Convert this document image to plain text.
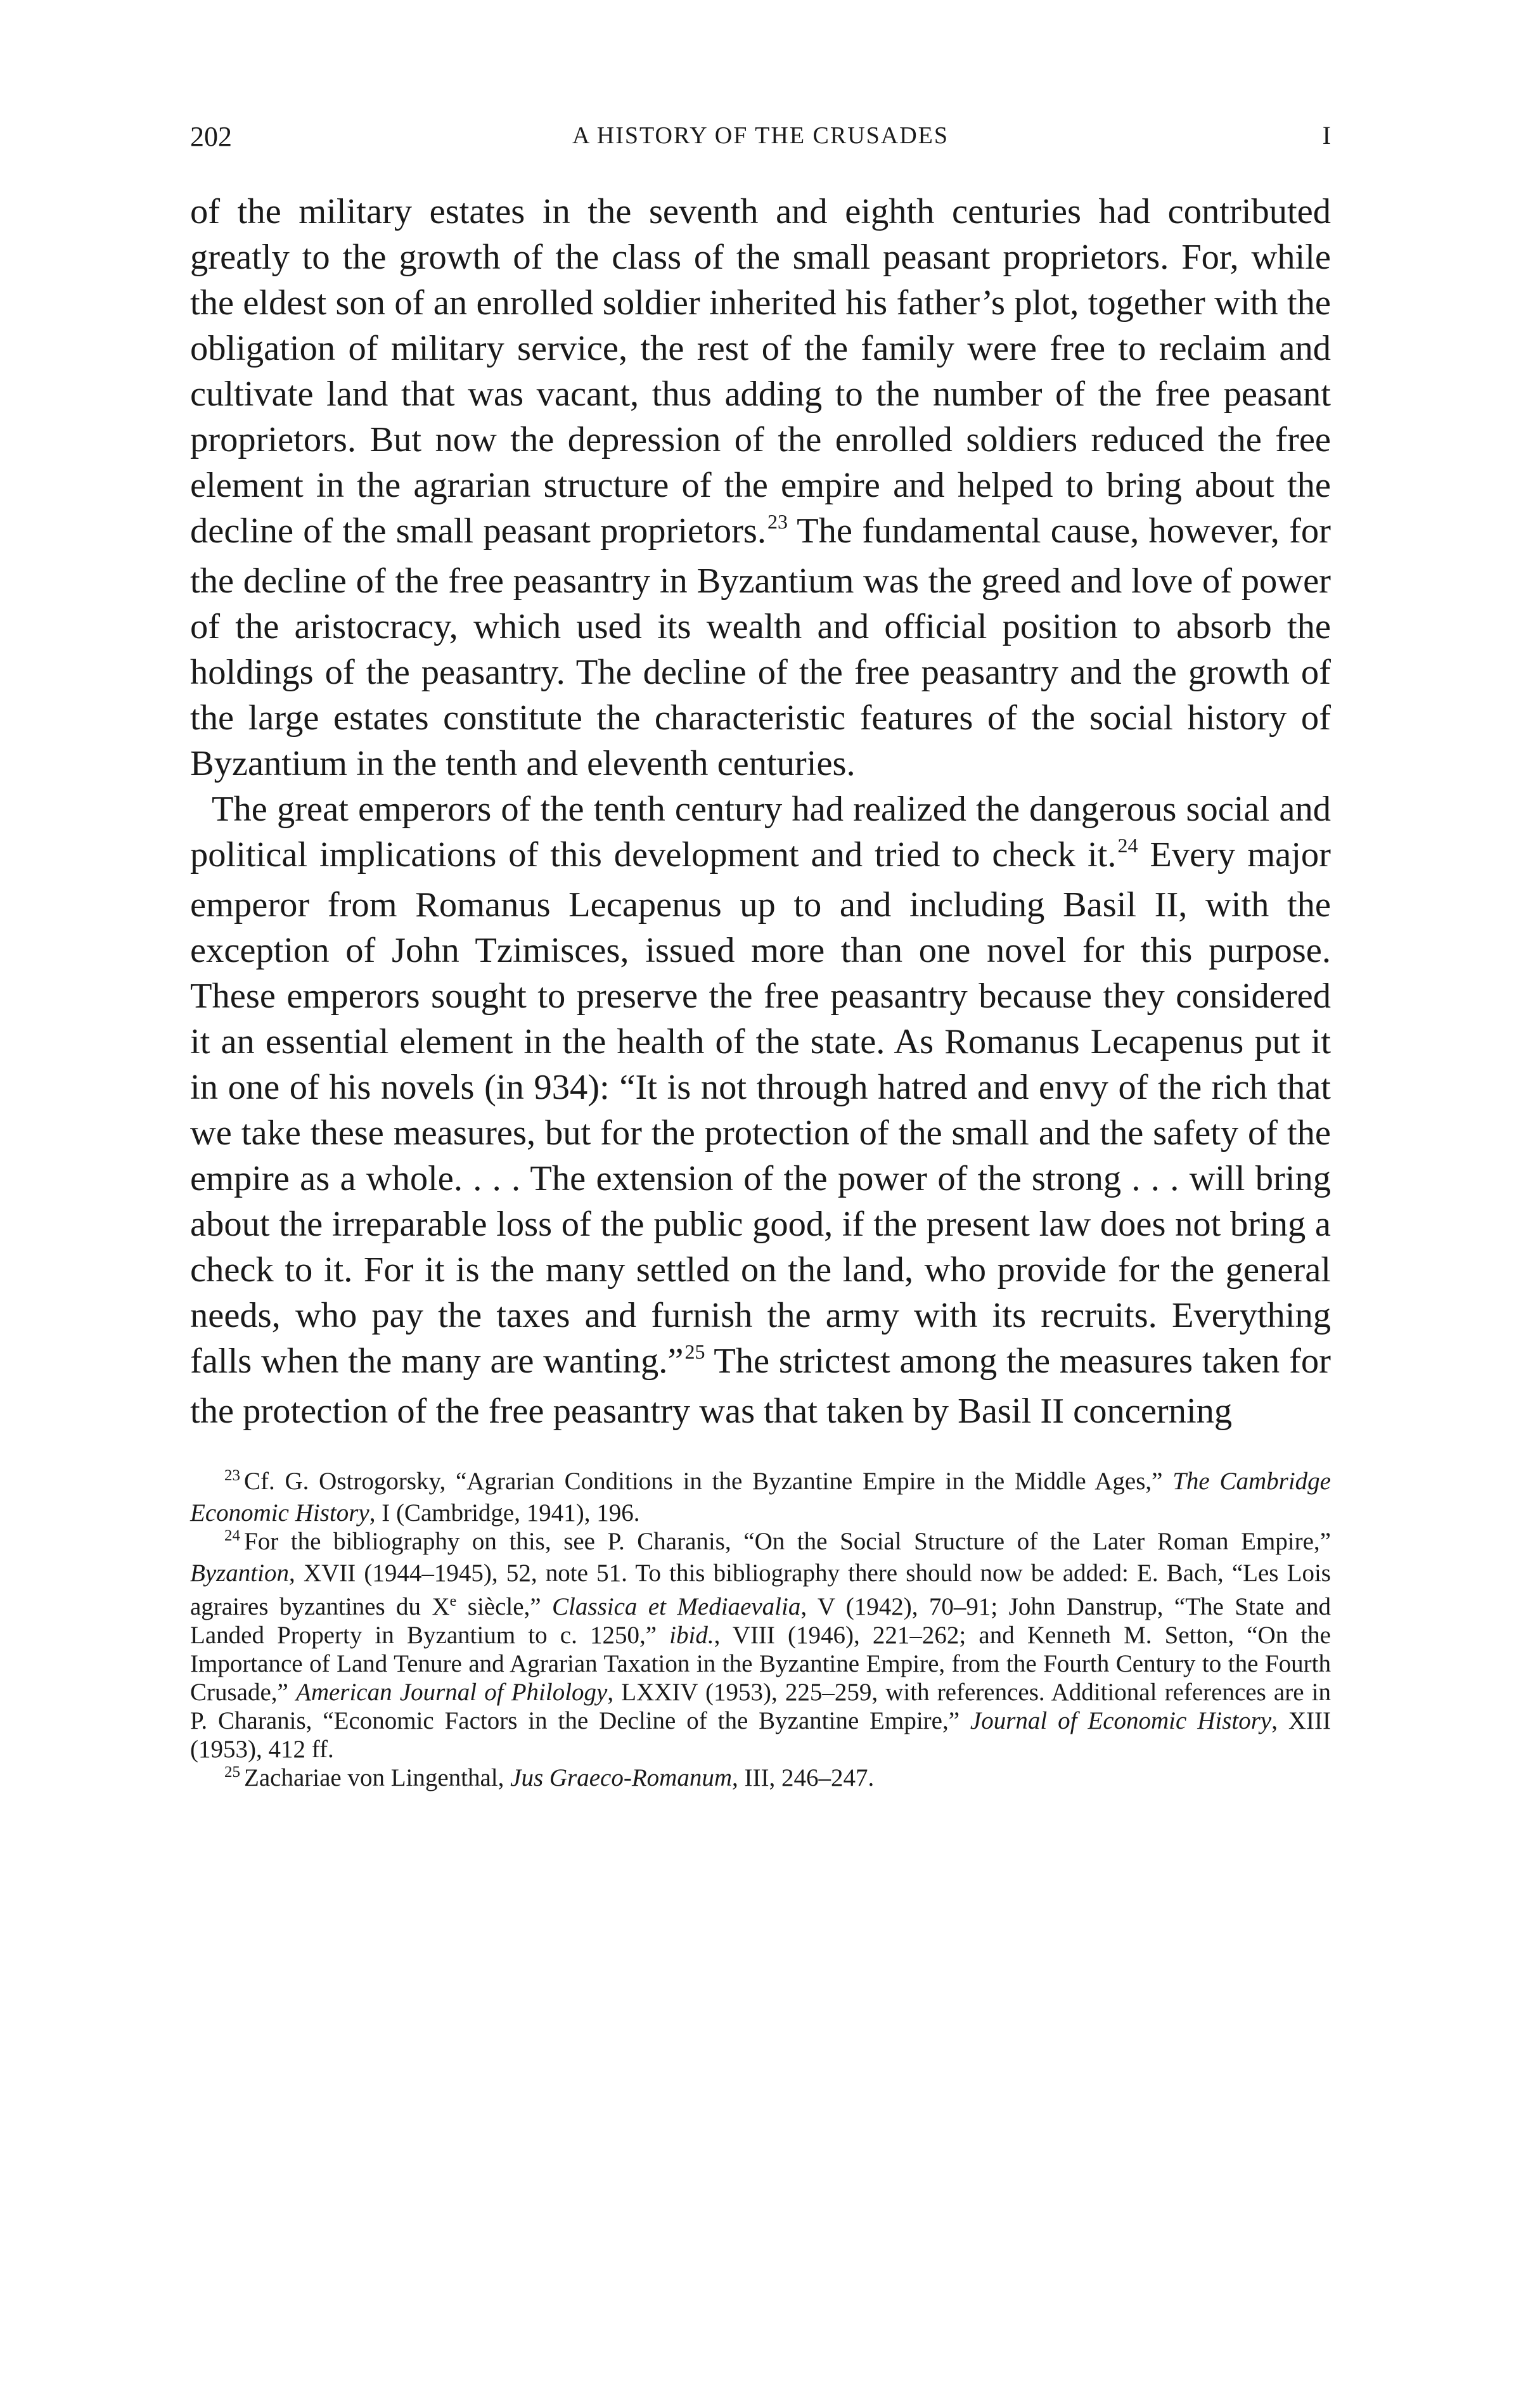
202	A HISTORY OF THE CRUSADES	I

of the military estates in the seventh and eighth centuries had contributed greatly to the growth of the class of the small peasant proprietors. For, while the eldest son of an enrolled soldier inherited his father’s plot, together with the obligation of military service, the rest of the family were free to reclaim and cultivate land that was vacant, thus adding to the number of the free peasant proprietors. But now the depression of the enrolled soldiers reduced the free element in the agrarian structure of the empire and helped to bring about the decline of the small peasant proprietors.$^{23}$ The fundamental cause, however, for the decline of the free peasantry in Byzantium was the greed and love of power of the aristocracy, which used its wealth and official position to absorb the holdings of the peasantry. The decline of the free peasantry and the growth of the large estates constitute the characteristic features of the social history of Byzantium in the tenth and eleventh centuries.

The great emperors of the tenth century had realized the dangerous social and political implications of this development and tried to check it.$^{24}$ Every major emperor from Romanus Lecapenus up to and including Basil II, with the exception of John Tzimisces, issued more than one novel for this purpose. These emperors sought to preserve the free peasantry because they considered it an essential element in the health of the state. As Romanus Lecapenus put it in one of his novels (in 934): “It is not through hatred and envy of the rich that we take these measures, but for the protection of the small and the safety of the empire as a whole. . . . The extension of the power of the strong . . . will bring about the irreparable loss of the public good, if the present law does not bring a check to it. For it is the many settled on the land, who provide for the general needs, who pay the taxes and furnish the army with its recruits. Everything falls when the many are wanting.”$^{25}$ The strictest among the measures taken for the protection of the free peasantry was that taken by Basil II concerning

$^{23}$ Cf. G. Ostrogorsky, “Agrarian Conditions in the Byzantine Empire in the Middle Ages,” The Cambridge Economic History, I (Cambridge, 1941), 196.

$^{24}$ For the bibliography on this, see P. Charanis, “On the Social Structure of the Later Roman Empire,” Byzantion, XVII (1944–1945), 52, note 51. To this bibliography there should now be added: E. Bach, “Les Lois agraires byzantines du Xe siècle,” Classica et Mediaevalia, V (1942), 70–91; John Danstrup, “The State and Landed Property in Byzantium to c. 1250,” ibid., VIII (1946), 221–262; and Kenneth M. Setton, “On the Importance of Land Tenure and Agrarian Taxation in the Byzantine Empire, from the Fourth Century to the Fourth Crusade,” American Journal of Philology, LXXIV (1953), 225–259, with references. Additional references are in P. Charanis, “Economic Factors in the Decline of the Byzantine Empire,” Journal of Economic History, XIII (1953), 412 ff.

$^{25}$ Zachariae von Lingenthal, Jus Graeco-Romanum, III, 246–247.
